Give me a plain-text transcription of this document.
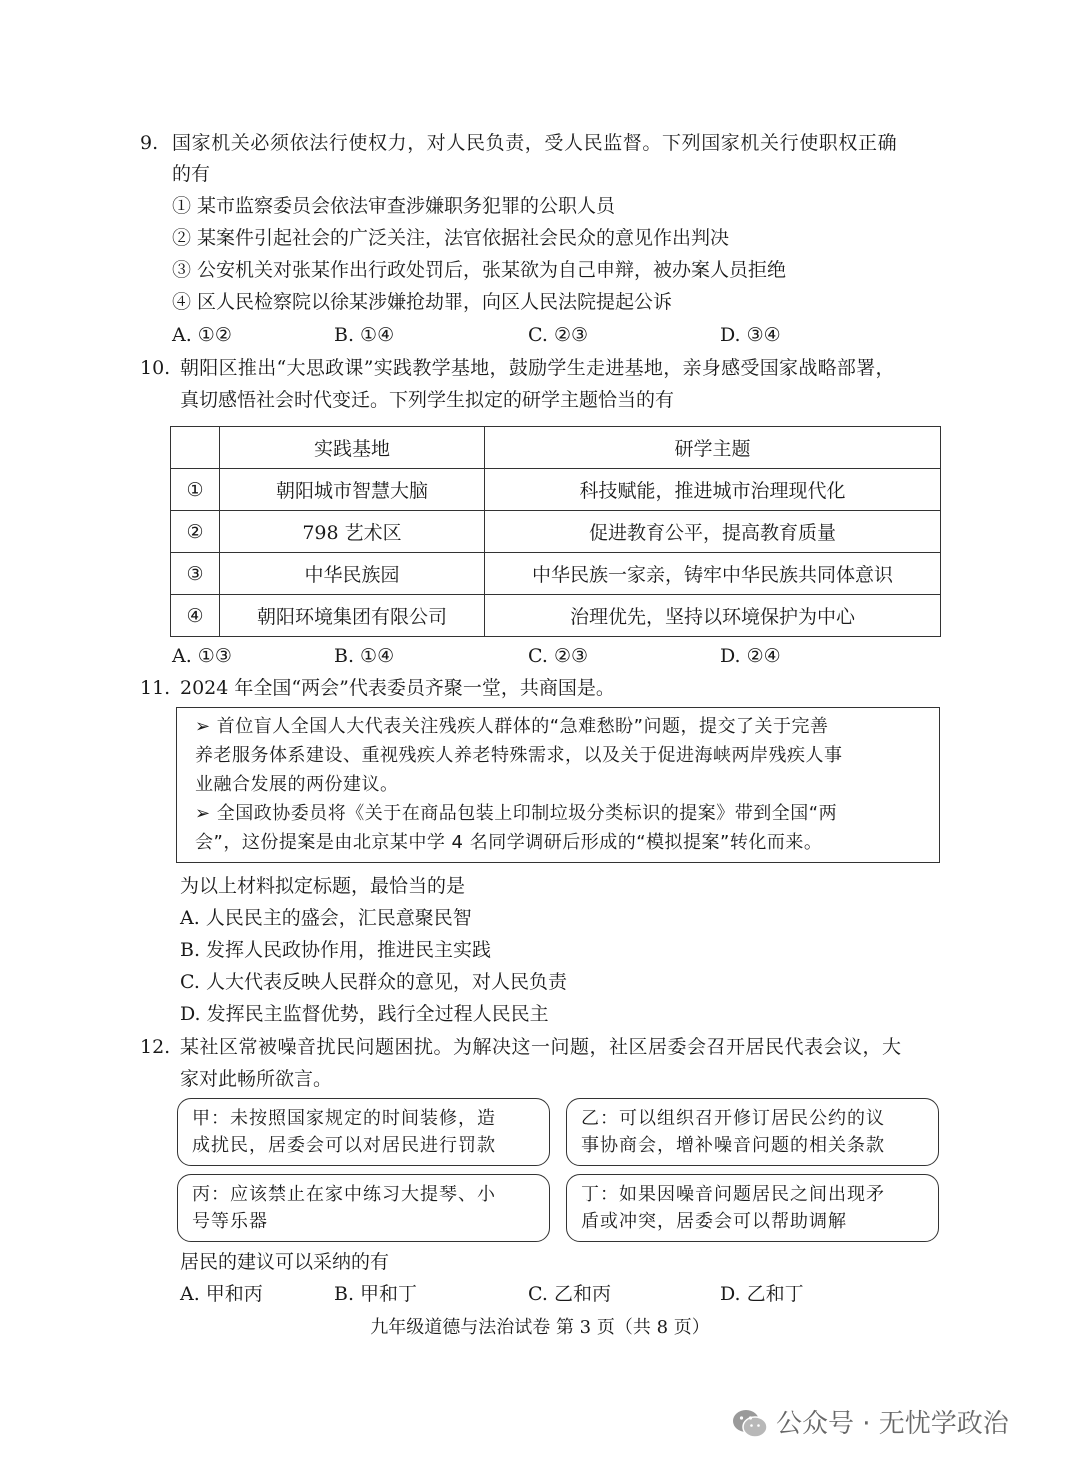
9. 国家机关必须依法行使权力，对人民负责，受人民监督。下列国家机关行使职权正确
的有
① 某市监察委员会依法审查涉嫌职务犯罪的公职人员
② 某案件引起社会的广泛关注，法官依据社会民众的意见作出判决
③ 公安机关对张某作出行政处罚后，张某欲为自己申辩，被办案人员拒绝
④ 区人民检察院以徐某涉嫌抢劫罪，向区人民法院提起公诉
A. ①②	B. ①④	C. ②③	D. ③④
10. 朝阳区推出“大思政课”实践教学基地，鼓励学生走进基地，亲身感受国家战略部署，
真切感悟社会时代变迁。下列学生拟定的研学主题恰当的有
	实践基地	研学主题
①	朝阳城市智慧大脑	科技赋能，推进城市治理现代化
②	798 艺术区	促进教育公平，提高教育质量
③	中华民族园	中华民族一家亲，铸牢中华民族共同体意识
④	朝阳环境集团有限公司	治理优先，坚持以环境保护为中心
A. ①③	B. ①④	C. ②③	D. ②④
11. 2024 年全国“两会”代表委员齐聚一堂，共商国是。

➢ 首位盲人全国人大代表关注残疾人群体的“急难愁盼”问题，提交了关于完善

养老服务体系建设、重视残疾人养老特殊需求，以及关于促进海峡两岸残疾人事

业融合发展的两份建议。

➢ 全国政协委员将《关于在商品包装上印制垃圾分类标识的提案》带到全国“两

会”，这份提案是由北京某中学 4 名同学调研后形成的“模拟提案”转化而来。

为以上材料拟定标题，最恰当的是
A. 人民民主的盛会，汇民意聚民智
B. 发挥人民政协作用，推进民主实践
C. 人大代表反映人民群众的意见，对人民负责
D. 发挥民主监督优势，践行全过程人民民主
12. 某社区常被噪音扰民问题困扰。为解决这一问题，社区居委会召开居民代表会议，大
家对此畅所欲言。

甲：未按照国家规定的时间装修，造

成扰民，居委会可以对居民进行罚款

乙：可以组织召开修订居民公约的议

事协商会，增补噪音问题的相关条款

丙：应该禁止在家中练习大提琴、小

号等乐器

丁：如果因噪音问题居民之间出现矛

盾或冲突，居委会可以帮助调解

居民的建议可以采纳的有
A. 甲和丙	B. 甲和丁	C. 乙和丙	D. 乙和丁
九年级道德与法治试卷 第 3 页（共 8 页）
公众号 · 无忧学政治
